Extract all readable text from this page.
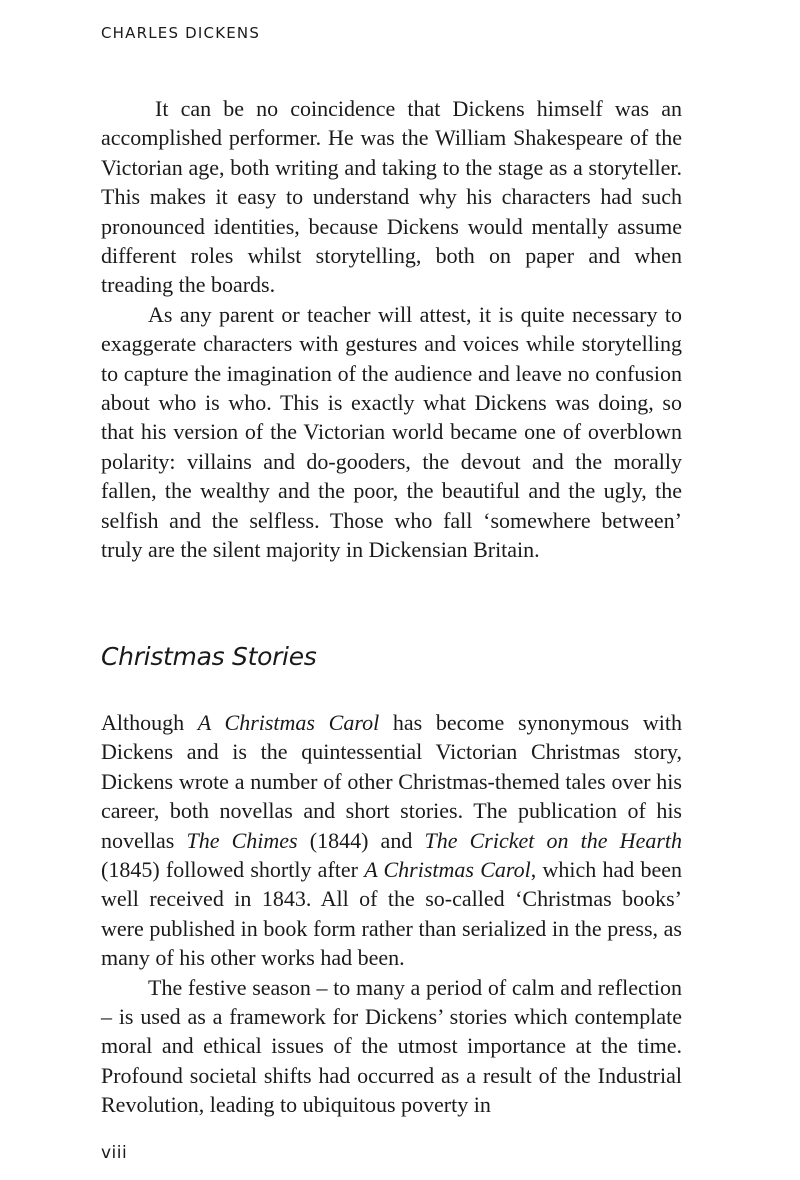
CHARLES DICKENS

It can be no coincidence that Dickens himself was an accomplished performer. He was the William Shakespeare of the Victorian age, both writing and taking to the stage as a storyteller. This makes it easy to understand why his characters had such pronounced identities, because Dickens would mentally assume different roles whilst storytelling, both on paper and when treading the boards.

As any parent or teacher will attest, it is quite necessary to exaggerate characters with gestures and voices while storytelling to capture the imagination of the audience and leave no confusion about who is who. This is exactly what Dickens was doing, so that his version of the Victorian world became one of overblown polarity: villains and do-gooders, the devout and the morally fallen, the wealthy and the poor, the beautiful and the ugly, the selfish and the selfless. Those who fall ‘somewhere between’ truly are the silent majority in Dickensian Britain.

Christmas Stories

Although A Christmas Carol has become synonymous with Dickens and is the quintessential Victorian Christmas story, Dickens wrote a number of other Christmas-themed tales over his career, both novellas and short stories. The publication of his novellas The Chimes (1844) and The Cricket on the Hearth (1845) followed shortly after A Christmas Carol, which had been well received in 1843. All of the so-called ‘Christmas books’ were published in book form rather than serialized in the press, as many of his other works had been.

The festive season – to many a period of calm and reflection – is used as a framework for Dickens’ stories which contemplate moral and ethical issues of the utmost importance at the time. Profound societal shifts had occurred as a result of the Industrial Revolution, leading to ubiquitous poverty in

viii
